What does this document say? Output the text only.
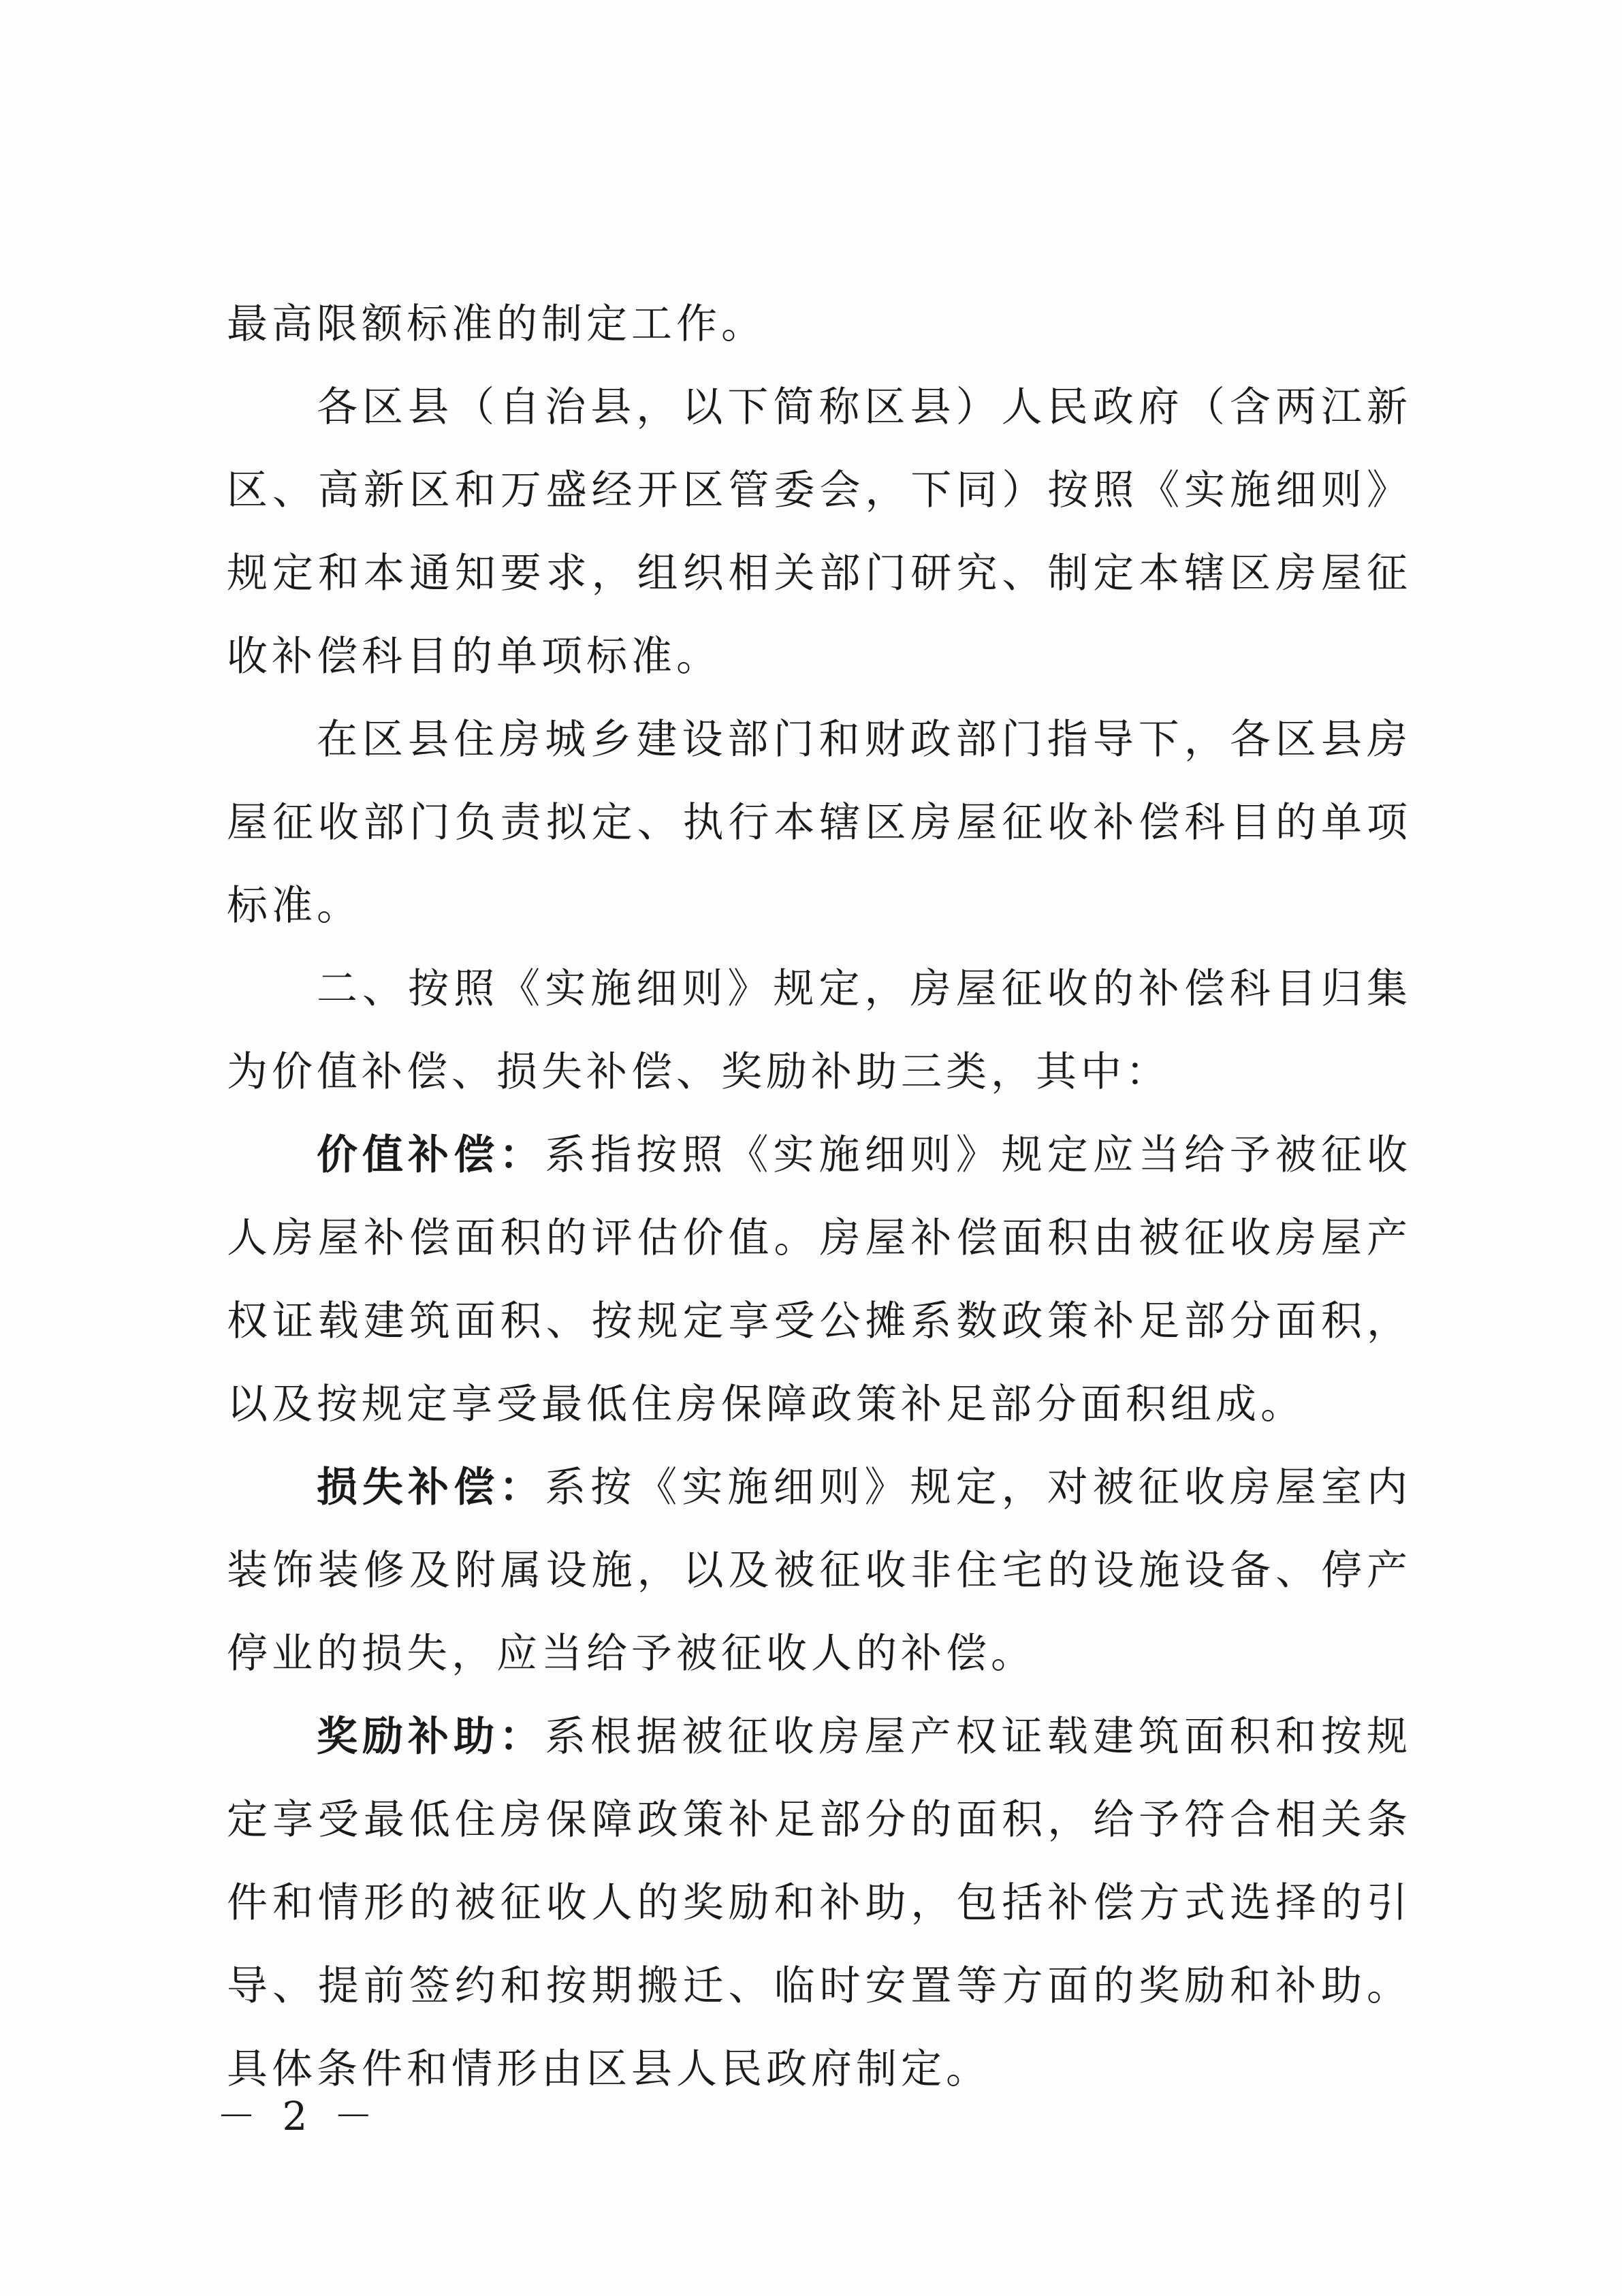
最高限额标准的制定工作。

各区县（自治县，以下简称区县）人民政府（含两江新区、高新区和万盛经开区管委会，下同）按照《实施细则》规定和本通知要求，组织相关部门研究、制定本辖区房屋征收补偿科目的单项标准。

在区县住房城乡建设部门和财政部门指导下，各区县房屋征收部门负责拟定、执行本辖区房屋征收补偿科目的单项标准。

二、按照《实施细则》规定，房屋征收的补偿科目归集为价值补偿、损失补偿、奖励补助三类，其中：

价值补偿：系指按照《实施细则》规定应当给予被征收人房屋补偿面积的评估价值。房屋补偿面积由被征收房屋产权证载建筑面积、按规定享受公摊系数政策补足部分面积，以及按规定享受最低住房保障政策补足部分面积组成。

损失补偿：系按《实施细则》规定，对被征收房屋室内装饰装修及附属设施，以及被征收非住宅的设施设备、停产停业的损失，应当给予被征收人的补偿。

奖励补助：系根据被征收房屋产权证载建筑面积和按规定享受最低住房保障政策补足部分的面积，给予符合相关条件和情形的被征收人的奖励和补助，包括补偿方式选择的引导、提前签约和按期搬迁、临时安置等方面的奖励和补助。具体条件和情形由区县人民政府制定。

－ 2 －
